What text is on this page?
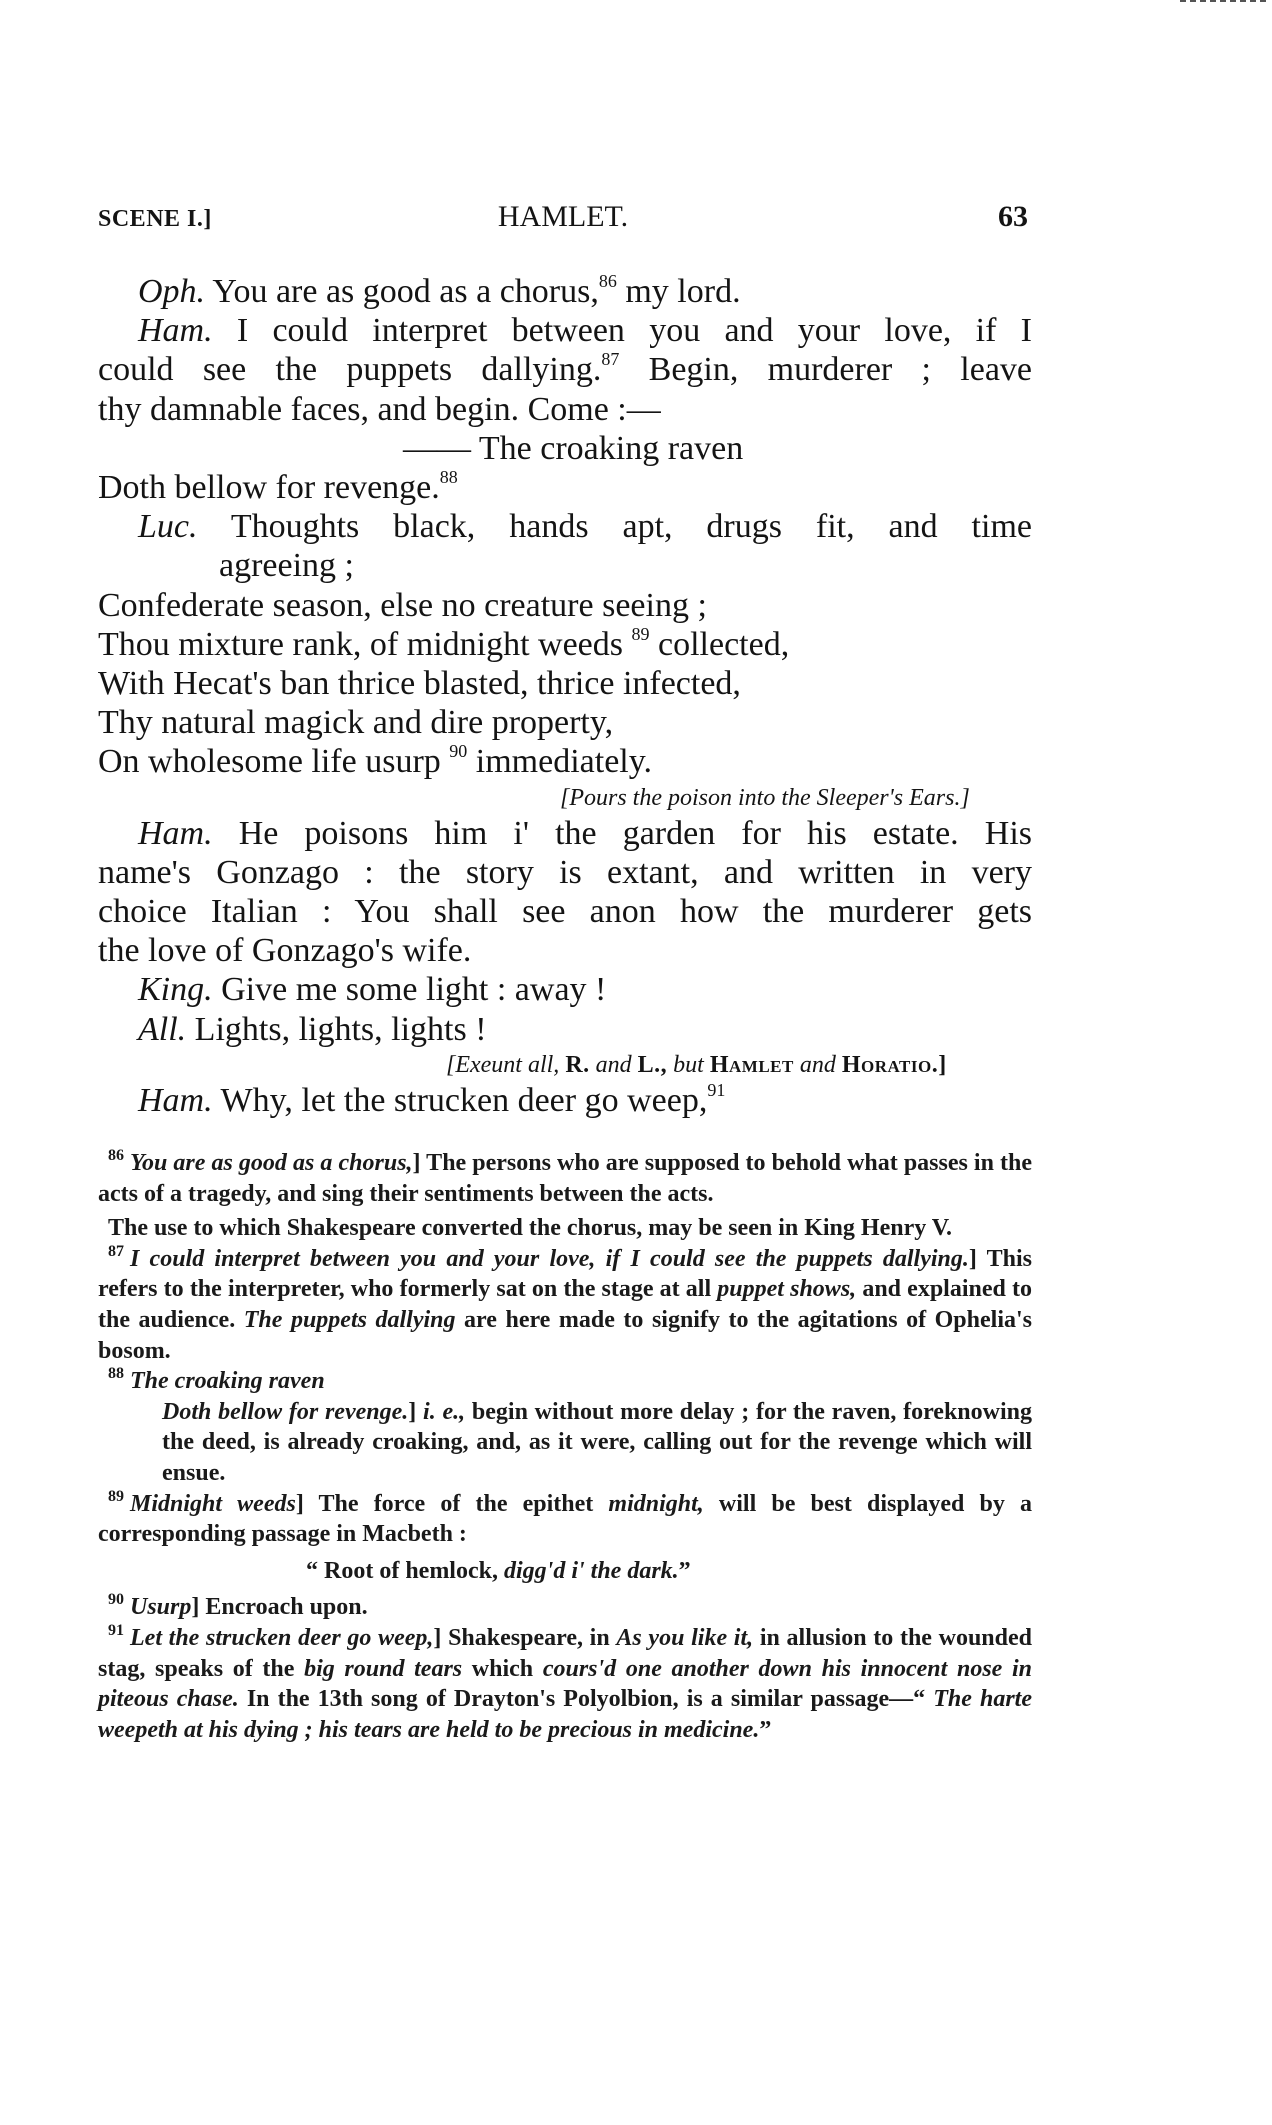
SCENE I.]	HAMLET.	63
Oph. You are as good as a chorus,$^{86}$ my lord.
Ham. I could interpret between you and your love, if I
could see the puppets dallying.$^{87}$ Begin, murderer ; leave
thy damnable faces, and begin. Come :—
—— The croaking raven
Doth bellow for revenge.$^{88}$
Luc. Thoughts black, hands apt, drugs fit, and time
agreeing ;
Confederate season, else no creature seeing ;
Thou mixture rank, of midnight weeds $^{89}$ collected,
With Hecat's ban thrice blasted, thrice infected,
Thy natural magick and dire property,
On wholesome life usurp $^{90}$ immediately.
[Pours the poison into the Sleeper's Ears.]
Ham. He poisons him i' the garden for his estate. His
name's Gonzago : the story is extant, and written in very
choice Italian : You shall see anon how the murderer gets
the love of Gonzago's wife.
King. Give me some light : away !
All. Lights, lights, lights !
[Exeunt all, R. and L., but Hamlet and Horatio.]
Ham. Why, let the strucken deer go weep,$^{91}$

$^{86}$ You are as good as a chorus,] The persons who are supposed to behold what passes in the acts of a tragedy, and sing their sentiments between the acts.

The use to which Shakespeare converted the chorus, may be seen in King Henry V.

$^{87}$ I could interpret between you and your love, if I could see the puppets dallying.] This refers to the interpreter, who formerly sat on the stage at all puppet shows, and explained to the audience. The puppets dallying are here made to signify to the agitations of Ophelia's bosom.

$^{88}$ The croaking raven

Doth bellow for revenge.] i. e., begin without more delay ; for the raven, foreknowing the deed, is already croaking, and, as it were, calling out for the revenge which will ensue.

$^{89}$ Midnight weeds] The force of the epithet midnight, will be best displayed by a corresponding passage in Macbeth :

“ Root of hemlock, digg'd i' the dark.”

$^{90}$ Usurp] Encroach upon.

$^{91}$ Let the strucken deer go weep,] Shakespeare, in As you like it, in allusion to the wounded stag, speaks of the big round tears which cours'd one another down his innocent nose in piteous chase. In the 13th song of Drayton's Polyolbion, is a similar passage—“ The harte weepeth at his dying ; his tears are held to be precious in medicine.”
